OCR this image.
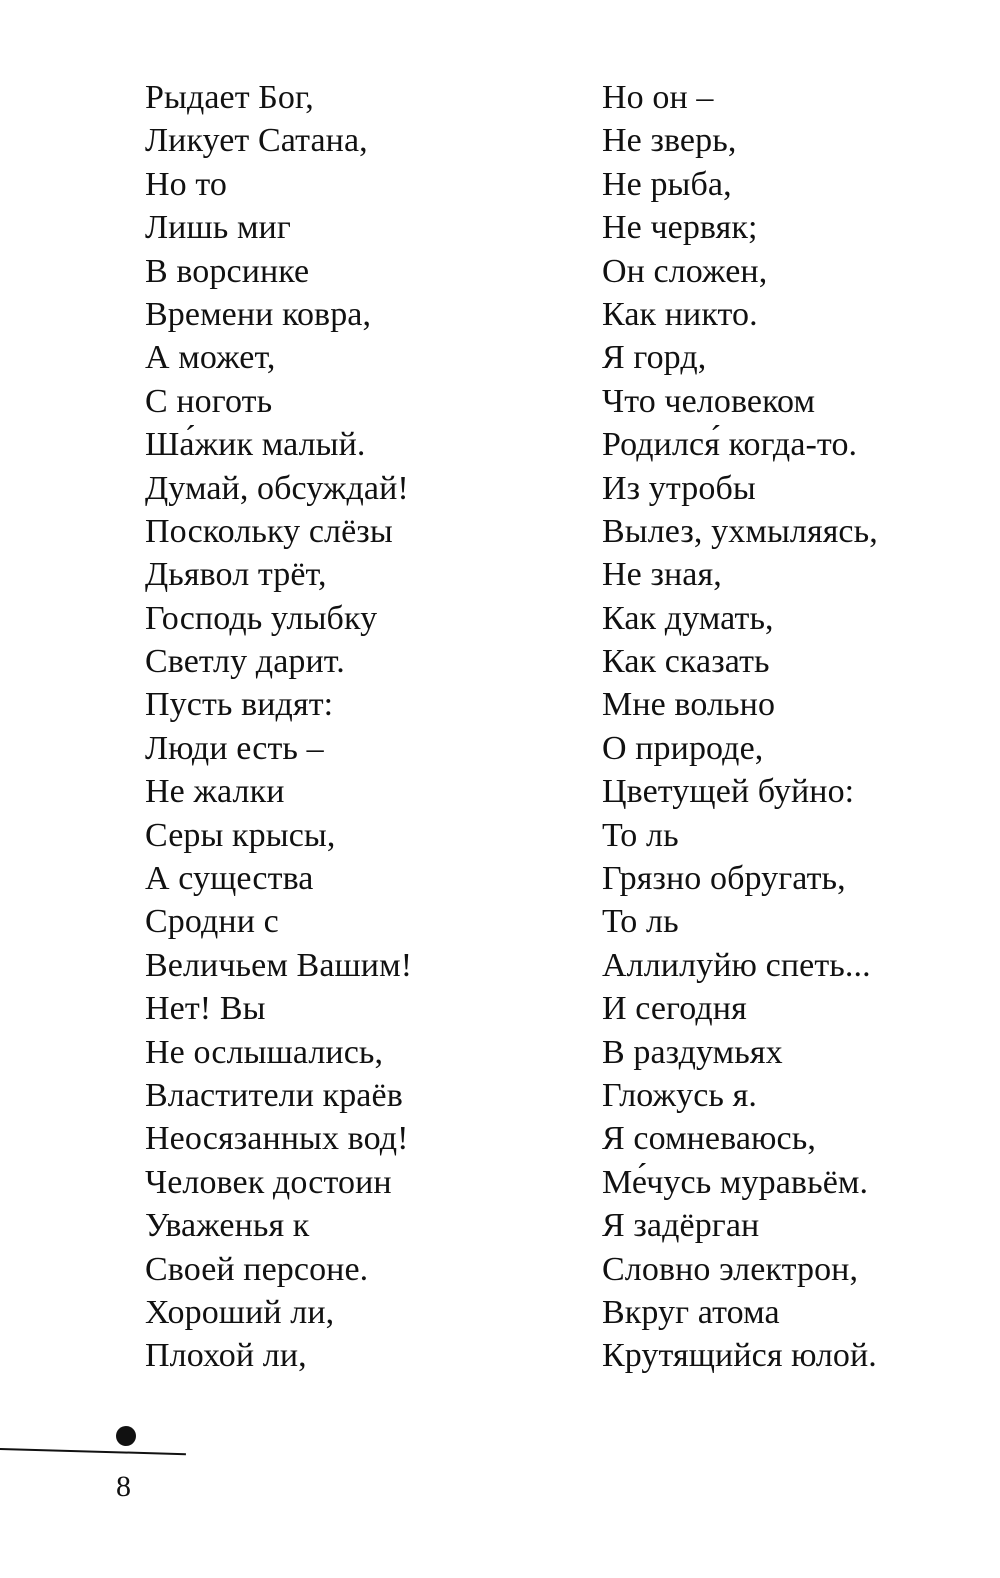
Рыдает Бог,
Ликует Сатана,
Но то
Лишь миг
В ворсинке
Времени ковра,
А может,
С ноготь
Ша́жик малый.
Думай, обсуждай!
Поскольку слёзы
Дьявол трёт,
Господь улыбку
Светлу дарит.
Пусть видят:
Люди есть –
Не жалки
Серы крысы,
А существа
Сродни с
Величьем Вашим!
Нет! Вы
Не ослышались,
Властители краёв
Неосязанных вод!
Человек достоин
Уваженья к
Своей персоне.
Хороший ли,
Плохой ли,
Но он –
Не зверь,
Не рыба,
Не червяк;
Он сложен,
Как никто.
Я горд,
Что человеком
Родился́ когда-то.
Из утробы
Вылез, ухмыляясь,
Не зная,
Как думать,
Как сказать
Мне вольно
О природе,
Цветущей буйно:
То ль
Грязно обругать,
То ль
Аллилуйю спеть...
И сегодня
В раздумьях
Гложусь я.
Я сомневаюсь,
Ме́чусь муравьём.
Я задёрган
Словно электрон,
Вкруг атома
Крутящийся юлой.
8
